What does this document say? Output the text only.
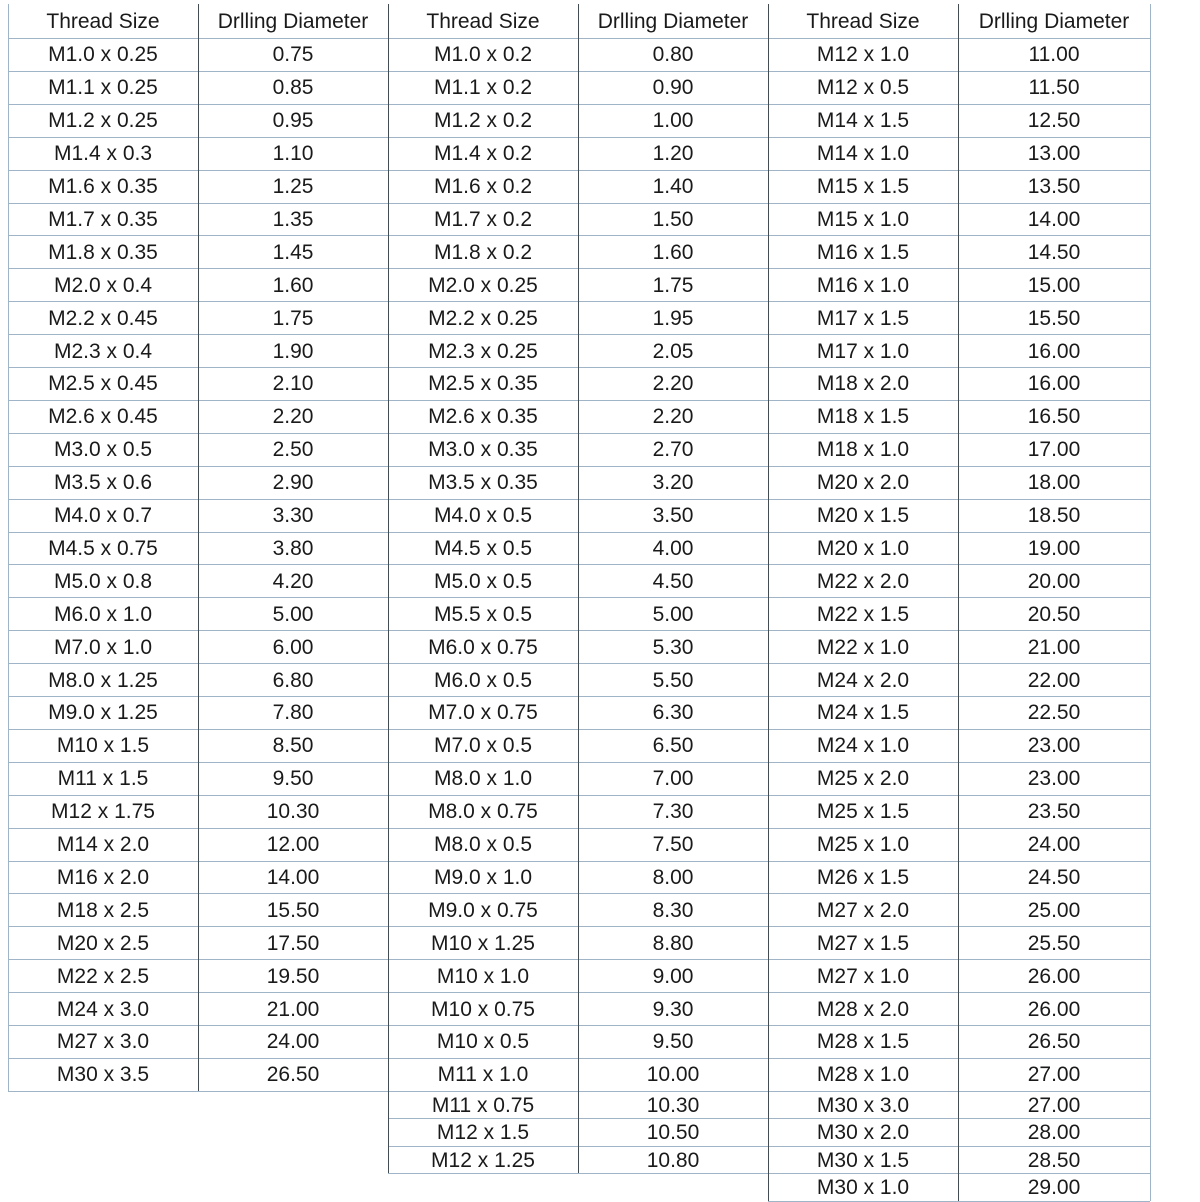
Thread Size	Drlling Diameter
M1.0 x 0.25	0.75
M1.1 x 0.25	0.85
M1.2 x 0.25	0.95
M1.4 x 0.3	1.10
M1.6 x 0.35	1.25
M1.7 x 0.35	1.35
M1.8 x 0.35	1.45
M2.0 x 0.4	1.60
M2.2 x 0.45	1.75
M2.3 x 0.4	1.90
M2.5 x 0.45	2.10
M2.6 x 0.45	2.20
M3.0 x 0.5	2.50
M3.5 x 0.6	2.90
M4.0 x 0.7	3.30
M4.5 x 0.75	3.80
M5.0 x 0.8	4.20
M6.0 x 1.0	5.00
M7.0 x 1.0	6.00
M8.0 x 1.25	6.80
M9.0 x 1.25	7.80
M10 x 1.5	8.50
M11 x 1.5	9.50
M12 x 1.75	10.30
M14 x 2.0	12.00
M16 x 2.0	14.00
M18 x 2.5	15.50
M20 x 2.5	17.50
M22 x 2.5	19.50
M24 x 3.0	21.00
M27 x 3.0	24.00
M30 x 3.5	26.50
Thread Size	Drlling Diameter
M1.0 x 0.2	0.80
M1.1 x 0.2	0.90
M1.2 x 0.2	1.00
M1.4 x 0.2	1.20
M1.6 x 0.2	1.40
M1.7 x 0.2	1.50
M1.8 x 0.2	1.60
M2.0 x 0.25	1.75
M2.2 x 0.25	1.95
M2.3 x 0.25	2.05
M2.5 x 0.35	2.20
M2.6 x 0.35	2.20
M3.0 x 0.35	2.70
M3.5 x 0.35	3.20
M4.0 x 0.5	3.50
M4.5 x 0.5	4.00
M5.0 x 0.5	4.50
M5.5 x 0.5	5.00
M6.0 x 0.75	5.30
M6.0 x 0.5	5.50
M7.0 x 0.75	6.30
M7.0 x 0.5	6.50
M8.0 x 1.0	7.00
M8.0 x 0.75	7.30
M8.0 x 0.5	7.50
M9.0 x 1.0	8.00
M9.0 x 0.75	8.30
M10 x 1.25	8.80
M10 x 1.0	9.00
M10 x 0.75	9.30
M10 x 0.5	9.50
M11 x 1.0	10.00
M11 x 0.75	10.30
M12 x 1.5	10.50
M12 x 1.25	10.80
Thread Size	Drlling Diameter
M12 x 1.0	11.00
M12 x 0.5	11.50
M14 x 1.5	12.50
M14 x 1.0	13.00
M15 x 1.5	13.50
M15 x 1.0	14.00
M16 x 1.5	14.50
M16 x 1.0	15.00
M17 x 1.5	15.50
M17 x 1.0	16.00
M18 x 2.0	16.00
M18 x 1.5	16.50
M18 x 1.0	17.00
M20 x 2.0	18.00
M20 x 1.5	18.50
M20 x 1.0	19.00
M22 x 2.0	20.00
M22 x 1.5	20.50
M22 x 1.0	21.00
M24 x 2.0	22.00
M24 x 1.5	22.50
M24 x 1.0	23.00
M25 x 2.0	23.00
M25 x 1.5	23.50
M25 x 1.0	24.00
M26 x 1.5	24.50
M27 x 2.0	25.00
M27 x 1.5	25.50
M27 x 1.0	26.00
M28 x 2.0	26.00
M28 x 1.5	26.50
M28 x 1.0	27.00
M30 x 3.0	27.00
M30 x 2.0	28.00
M30 x 1.5	28.50
M30 x 1.0	29.00
